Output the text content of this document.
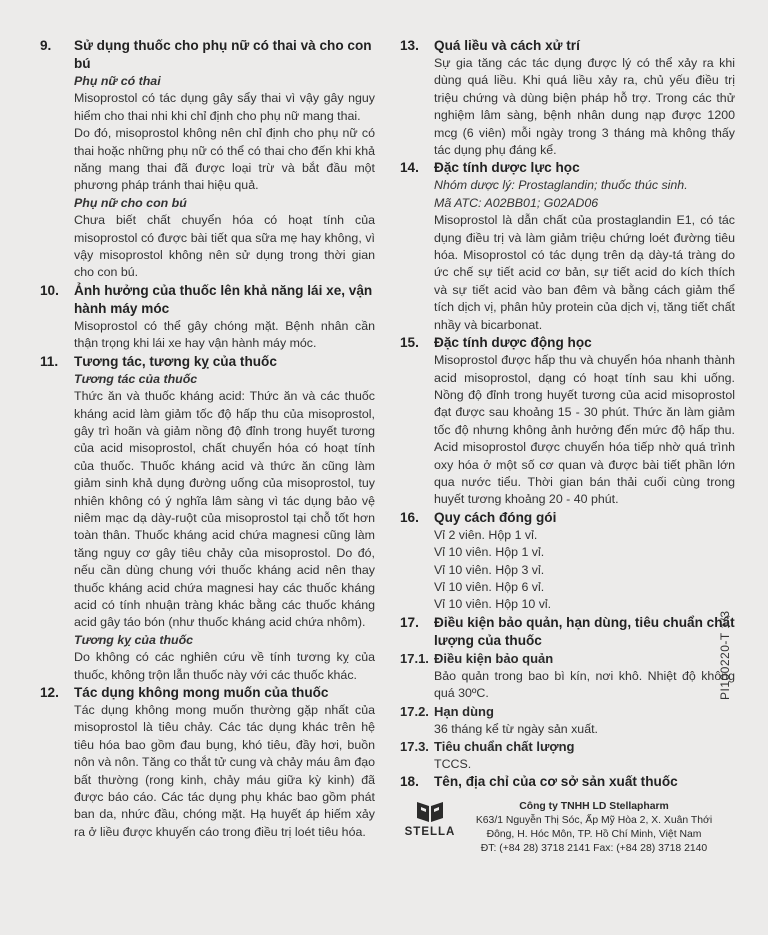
9.	Sử dụng thuốc cho phụ nữ có thai và cho con bú

Phụ nữ có thai

Misoprostol có tác dụng gây sẩy thai vì vậy gây nguy hiểm cho thai nhi khi chỉ định cho phụ nữ mang thai.

Do đó, misoprostol không nên chỉ định cho phụ nữ có thai hoặc những phụ nữ có thể có thai cho đến khi khả năng mang thai đã được loại trừ và bắt đầu một phương pháp tránh thai hiệu quả.

Phụ nữ cho con bú

Chưa biết chất chuyển hóa có hoạt tính của misoprostol có được bài tiết qua sữa mẹ hay không, vì vậy misoprostol không nên sử dụng trong thời gian cho con bú.

10.	Ảnh hưởng của thuốc lên khả năng lái xe, vận hành máy móc

Misoprostol có thể gây chóng mặt. Bệnh nhân cần thận trọng khi lái xe hay vận hành máy móc.

11.	Tương tác, tương kỵ của thuốc

Tương tác của thuốc

Thức ăn và thuốc kháng acid: Thức ăn và các thuốc kháng acid làm giảm tốc độ hấp thu của misoprostol, gây trì hoãn và giảm nồng độ đỉnh trong huyết tương của acid misoprostol, chất chuyển hóa có hoạt tính của thuốc. Thuốc kháng acid và thức ăn cũng làm giảm sinh khả dụng đường uống của misoprostol, tuy nhiên không có ý nghĩa lâm sàng vì tác dụng bảo vệ niêm mạc dạ dày-ruột của misoprostol tại chỗ tốt hơn toàn thân. Thuốc kháng acid chứa magnesi cũng làm tăng nguy cơ gây tiêu chảy của misoprostol. Do đó, nếu cần dùng chung với thuốc kháng acid nên thay thuốc kháng acid chứa magnesi hay các thuốc kháng acid có tính nhuận tràng khác bằng các thuốc kháng acid gây táo bón (như thuốc kháng acid chứa nhôm).

Tương kỵ của thuốc

Do không có các nghiên cứu về tính tương kỵ của thuốc, không trộn lẫn thuốc này với các thuốc khác.

12.	Tác dụng không mong muốn của thuốc

Tác dụng không mong muốn thường gặp nhất của misoprostol là tiêu chảy. Các tác dụng khác trên hệ tiêu hóa bao gồm đau bụng, khó tiêu, đầy hơi, buồn nôn và nôn. Tăng co thắt tử cung và chảy máu âm đạo bất thường (rong kinh, chảy máu giữa kỳ kinh) đã được báo cáo. Các tác dụng phụ khác bao gồm phát ban da, nhức đầu, chóng mặt. Hạ huyết áp hiếm xảy ra ở liều được khuyến cáo trong điều trị loét tiêu hóa.

13.	Quá liều và cách xử trí

Sự gia tăng các tác dụng được lý có thể xảy ra khi dùng quá liều. Khi quá liều xảy ra, chủ yếu điều trị triệu chứng và dùng biện pháp hỗ trợ. Trong các thử nghiệm lâm sàng, bệnh nhân dung nạp được 1200 mcg (6 viên) mỗi ngày trong 3 tháng mà không thấy tác dụng phụ đáng kể.

14.	Đặc tính dược lực học

Nhóm dược lý: Prostaglandin; thuốc thúc sinh.

Mã ATC: A02BB01; G02AD06

Misoprostol là dẫn chất của prostaglandin E1, có tác dụng điều trị và làm giảm triệu chứng loét đường tiêu hóa. Misoprostol có tác dụng trên dạ dày-tá tràng do ức chế sự tiết acid cơ bản, sự tiết acid do kích thích và sự tiết acid vào ban đêm và bằng cách giảm thể tích dịch vị, phân hủy protein của dịch vị, tăng tiết chất nhầy và bicarbonat.

15.	Đặc tính dược động học

Misoprostol được hấp thu và chuyển hóa nhanh thành acid misoprostol, dạng có hoạt tính sau khi uống. Nồng độ đỉnh trong huyết tương của acid misoprostol đạt được sau khoảng 15 - 30 phút. Thức ăn làm giảm tốc độ nhưng không ảnh hưởng đến mức độ hấp thu. Acid misoprostol được chuyển hóa tiếp nhờ quá trình oxy hóa ở một số cơ quan và được bài tiết phần lớn qua nước tiểu. Thời gian bán thải cuối cùng trong huyết tương khoảng 20 - 40 phút.

16.	Quy cách đóng gói

Vỉ 2 viên. Hộp 1 vỉ.

Vỉ 10 viên. Hộp 1 vỉ.

Vỉ 10 viên. Hộp 3 vỉ.

Vỉ 10 viên. Hộp 6 vỉ.

Vỉ 10 viên. Hộp 10 vỉ.

17.	Điều kiện bảo quản, hạn dùng, tiêu chuẩn chất lượng của thuốc
17.1. Điều kiện bảo quản

Bảo quản trong bao bì kín, nơi khô. Nhiệt độ không quá 30ºC.

17.2. Hạn dùng

36 tháng kể từ ngày sản xuất.

17.3. Tiêu chuẩn chất lượng

TCCS.

18.	Tên, địa chỉ của cơ sở sản xuất thuốc
STELLA
Công ty TNHH LD Stellapharm
K63/1 Nguyễn Thị Sóc, Ấp Mỹ Hòa 2, X. Xuân Thới
Đông, H. Hóc Môn, TP. Hồ Chí Minh, Việt Nam
ĐT: (+84 28) 3718 2141 Fax: (+84 28) 3718 2140
PI100220-T 1/3
